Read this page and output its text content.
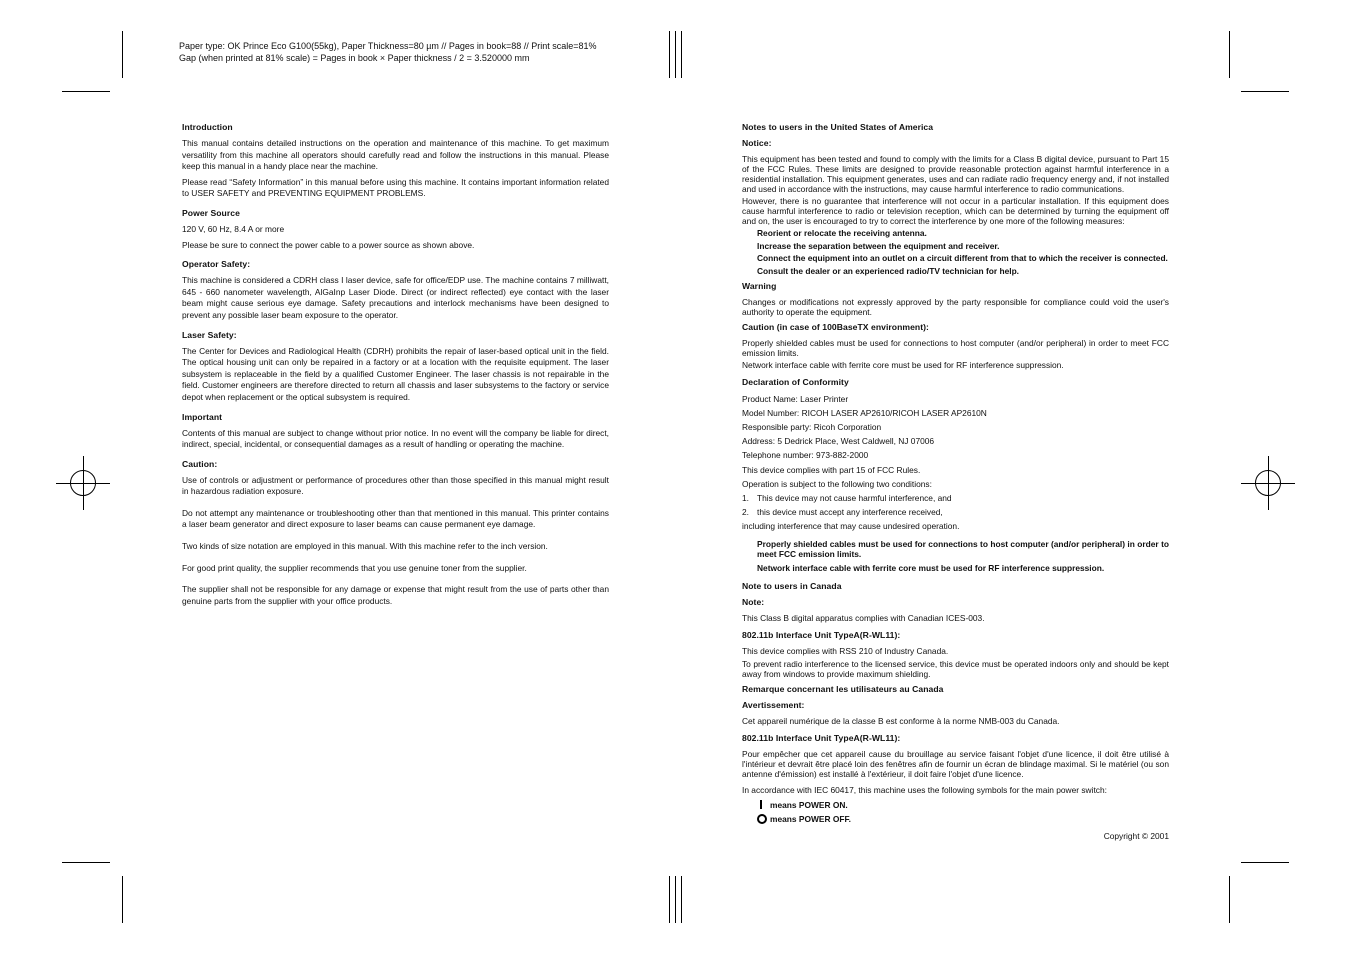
Paper type: OK Prince Eco G100(55kg), Paper Thickness=80 µm // Pages in book=88 // Print scale=81%
Gap (when printed at 81% scale) = Pages in book × Paper thickness / 2 = 3.520000 mm
Introduction

This manual contains detailed instructions on the operation and maintenance of this machine. To get maximum versatility from this machine all operators should carefully read and follow the instructions in this manual. Please keep this manual in a handy place near the machine.

Please read “Safety Information” in this manual before using this machine. It contains important information related to USER SAFETY and PREVENTING EQUIPMENT PROBLEMS.

Power Source

120 V, 60 Hz, 8.4 A or more

Please be sure to connect the power cable to a power source as shown above.

Operator Safety:

This machine is considered a CDRH class I laser device, safe for office/EDP use. The machine contains 7 milliwatt, 645 - 660 nanometer wavelength, AlGaInp Laser Diode. Direct (or indirect reflected) eye contact with the laser beam might cause serious eye damage. Safety precautions and interlock mechanisms have been designed to prevent any possible laser beam exposure to the operator.

Laser Safety:

The Center for Devices and Radiological Health (CDRH) prohibits the repair of laser-based optical unit in the field. The optical housing unit can only be repaired in a factory or at a location with the requisite equipment. The laser subsystem is replaceable in the field by a qualified Customer Engineer. The laser chassis is not repairable in the field. Customer engineers are therefore directed to return all chassis and laser subsystems to the factory or service depot when replacement or the optical subsystem is required.

Important

Contents of this manual are subject to change without prior notice. In no event will the company be liable for direct, indirect, special, incidental, or consequential damages as a result of handling or operating the machine.

Caution:

Use of controls or adjustment or performance of procedures other than those specified in this manual might result in hazardous radiation exposure.

Do not attempt any maintenance or troubleshooting other than that mentioned in this manual. This printer contains a laser beam generator and direct exposure to laser beams can cause permanent eye damage.

Two kinds of size notation are employed in this manual. With this machine refer to the inch version.

For good print quality, the supplier recommends that you use genuine toner from the supplier.

The supplier shall not be responsible for any damage or expense that might result from the use of parts other than genuine parts from the supplier with your office products.

Notes to users in the United States of America
Notice:

This equipment has been tested and found to comply with the limits for a Class B digital device, pursuant to Part 15 of the FCC Rules. These limits are designed to provide reasonable protection against harmful interference in a residential installation. This equipment generates, uses and can radiate radio frequency energy and, if not installed and used in accordance with the instructions, may cause harmful interference to radio communications.

However, there is no guarantee that interference will not occur in a particular installation. If this equipment does cause harmful interference to radio or television reception, which can be determined by turning the equipment off and on, the user is encouraged to try to correct the interference by one more of the following measures:

Reorient or relocate the receiving antenna.

Increase the separation between the equipment and receiver.

Connect the equipment into an outlet on a circuit different from that to which the receiver is connected.

Consult the dealer or an experienced radio/TV technician for help.

Warning

Changes or modifications not expressly approved by the party responsible for compliance could void the user's authority to operate the equipment.

Caution (in case of 100BaseTX environment):

Properly shielded cables must be used for connections to host computer (and/or peripheral) in order to meet FCC emission limits.

Network interface cable with ferrite core must be used for RF interference suppression.

Declaration of Conformity

Product Name: Laser Printer

Model Number: RICOH LASER AP2610/RICOH LASER AP2610N

Responsible party: Ricoh Corporation

Address: 5 Dedrick Place, West Caldwell, NJ 07006

Telephone number: 973-882-2000

This device complies with part 15 of FCC Rules.

Operation is subject to the following two conditions:

1. This device may not cause harmful interference, and

2. this device must accept any interference received,

including interference that may cause undesired operation.

Properly shielded cables must be used for connections to host computer (and/or peripheral) in order to meet FCC emission limits.

Network interface cable with ferrite core must be used for RF interference suppression.

Note to users in Canada
Note:

This Class B digital apparatus complies with Canadian ICES-003.

802.11b Interface Unit TypeA(R-WL11):

This device complies with RSS 210 of Industry Canada.

To prevent radio interference to the licensed service, this device must be operated indoors only and should be kept away from windows to provide maximum shielding.

Remarque concernant les utilisateurs au Canada
Avertissement:

Cet appareil numérique de la classe B est conforme à la norme NMB-003 du Canada.

802.11b Interface Unit TypeA(R-WL11):

Pour empêcher que cet appareil cause du brouillage au service faisant l'objet d'une licence, il doit être utilisé à l'intérieur et devrait être placé loin des fenêtres afin de fournir un écran de blindage maximal. Si le matériel (ou son antenne d'émission) est installé à l'extérieur, il doit faire l'objet d'une licence.

In accordance with IEC 60417, this machine uses the following symbols for the main power switch:

means POWER ON.

means POWER OFF.

Copyright © 2001
